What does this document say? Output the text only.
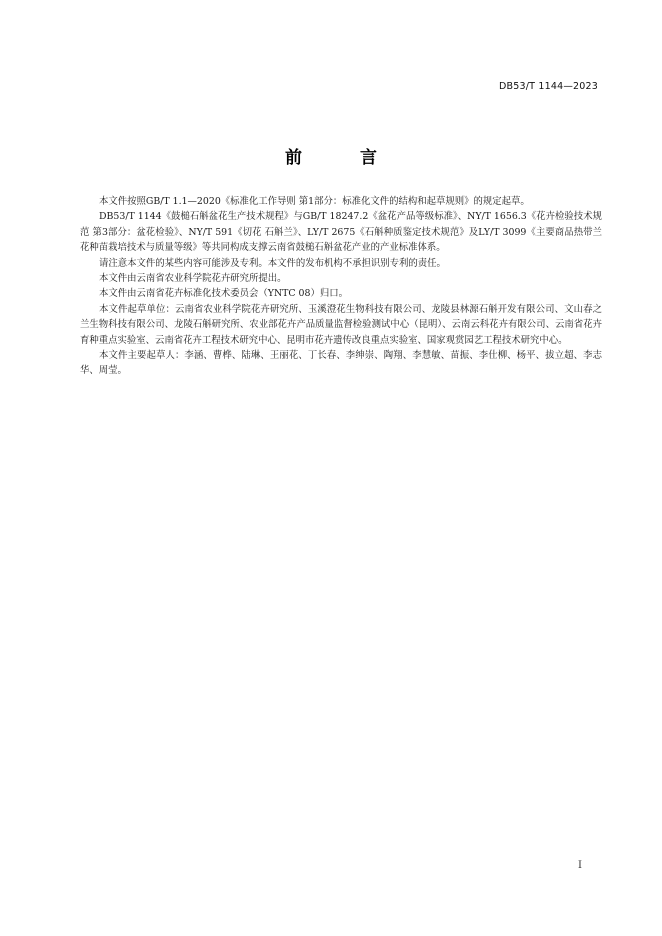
DB53/T 1144—2023
前 言

本文件按照GB/T 1.1—2020《标准化工作导则 第1部分：标准化文件的结构和起草规则》的规定起草。

DB53/T 1144《鼓槌石斛盆花生产技术规程》与GB/T 18247.2《盆花产品等级标准》、NY/T 1656.3《花卉检验技术规范 第3部分：盆花检验》、NY/T 591《切花 石斛兰》、LY/T 2675《石斛种质鉴定技术规范》及LY/T 3099《主要商品热带兰花种苗栽培技术与质量等级》等共同构成支撑云南省鼓槌石斛盆花产业的产业标准体系。

请注意本文件的某些内容可能涉及专利。本文件的发布机构不承担识别专利的责任。

本文件由云南省农业科学院花卉研究所提出。

本文件由云南省花卉标准化技术委员会（YNTC 08）归口。

本文件起草单位：云南省农业科学院花卉研究所、玉溪澄花生物科技有限公司、龙陵县林源石斛开发有限公司、文山春之兰生物科技有限公司、龙陵石斛研究所、农业部花卉产品质量监督检验测试中心（昆明）、云南云科花卉有限公司、云南省花卉育种重点实验室、云南省花卉工程技术研究中心、昆明市花卉遗传改良重点实验室、国家观赏园艺工程技术研究中心。

本文件主要起草人：李涵、曹桦、陆琳、王丽花、丁长春、李绅崇、陶翔、李慧敏、苗振、李仕柳、杨平、拔立超、李志华、周莹。

I
